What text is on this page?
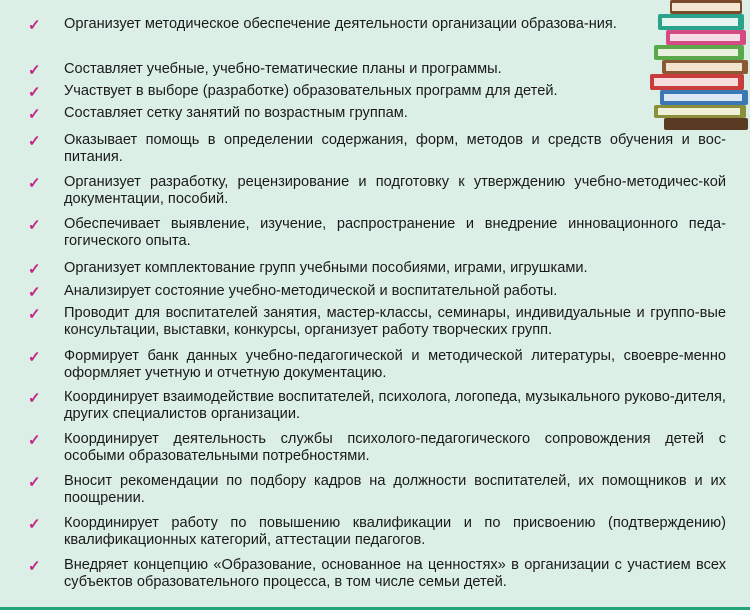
✓ Организует методическое обеспечение деятельности организации образова-ния.
✓ Составляет учебные, учебно-тематические планы и программы.
✓ Участвует в выборе (разработке) образовательных программ для детей.
✓ Составляет сетку занятий по возрастным группам.
✓ Оказывает помощь в определении содержания, форм, методов и средств обучения и вос-питания.
✓ Организует разработку, рецензирование и подготовку к утверждению учебно-методичес-кой документации, пособий.
✓ Обеспечивает выявление, изучение, распространение и внедрение инновационного педа-гогического опыта.
✓ Организует комплектование групп учебными пособиями, играми, игрушками.
✓ Анализирует состояние учебно-методической и воспитательной работы.
✓ Проводит для воспитателей занятия, мастер-классы, семинары, индивидуальные и группо-вые консультации, выставки, конкурсы, организует работу творческих групп.
✓ Формирует банк данных учебно-педагогической и методической литературы, своевре-менно оформляет учетную и отчетную документацию.
✓ Координирует взаимодействие воспитателей, психолога, логопеда, музыкального руково-дителя, других специалистов организации.
✓ Координирует деятельность службы психолого-педагогического сопровождения детей с особыми образовательными потребностями.
✓ Вносит рекомендации по подбору кадров на должности воспитателей, их помощников и их поощрении.
✓ Координирует работу по повышению квалификации и по присвоению (подтверждению) квалификационных категорий, аттестации педагогов.
✓ Внедряет концепцию «Образование, основанное на ценностях» в организации с участием всех субъектов образовательного процесса, в том числе семьи детей.
